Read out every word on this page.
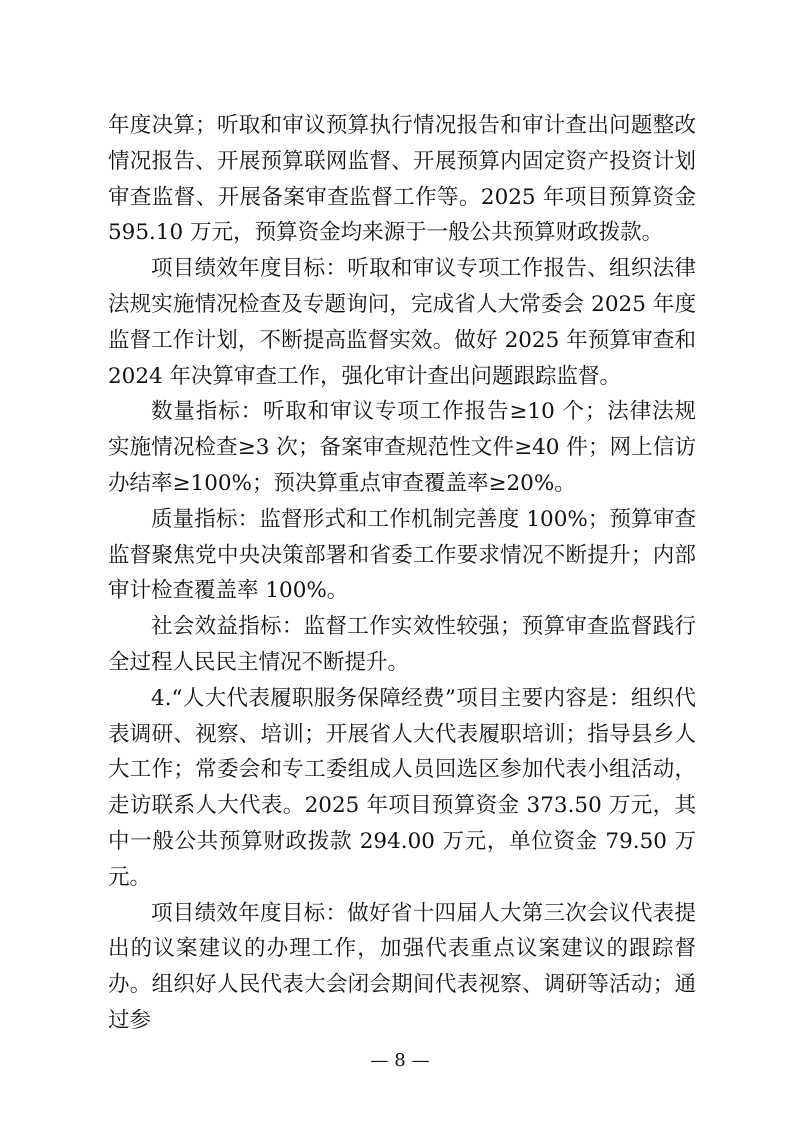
年度决算；听取和审议预算执行情况报告和审计查出问题整改情况报告、开展预算联网监督、开展预算内固定资产投资计划审查监督、开展备案审查监督工作等。2025 年项目预算资金595.10 万元，预算资金均来源于一般公共预算财政拨款。

项目绩效年度目标：听取和审议专项工作报告、组织法律法规实施情况检查及专题询问，完成省人大常委会 2025 年度监督工作计划，不断提高监督实效。做好 2025 年预算审查和 2024 年决算审查工作，强化审计查出问题跟踪监督。

数量指标：听取和审议专项工作报告≥10 个；法律法规实施情况检查≥3 次；备案审查规范性文件≥40 件；网上信访办结率≥100%；预决算重点审查覆盖率≥20%。

质量指标：监督形式和工作机制完善度 100%；预算审查监督聚焦党中央决策部署和省委工作要求情况不断提升；内部审计检查覆盖率 100%。

社会效益指标：监督工作实效性较强；预算审查监督践行全过程人民民主情况不断提升。

4.“人大代表履职服务保障经费”项目主要内容是：组织代表调研、视察、培训；开展省人大代表履职培训；指导县乡人大工作；常委会和专工委组成人员回选区参加代表小组活动，走访联系人大代表。2025 年项目预算资金 373.50 万元，其中一般公共预算财政拨款 294.00 万元，单位资金 79.50 万元。

项目绩效年度目标：做好省十四届人大第三次会议代表提出的议案建议的办理工作，加强代表重点议案建议的跟踪督办。组织好人民代表大会闭会期间代表视察、调研等活动；通过参

— 8 —
